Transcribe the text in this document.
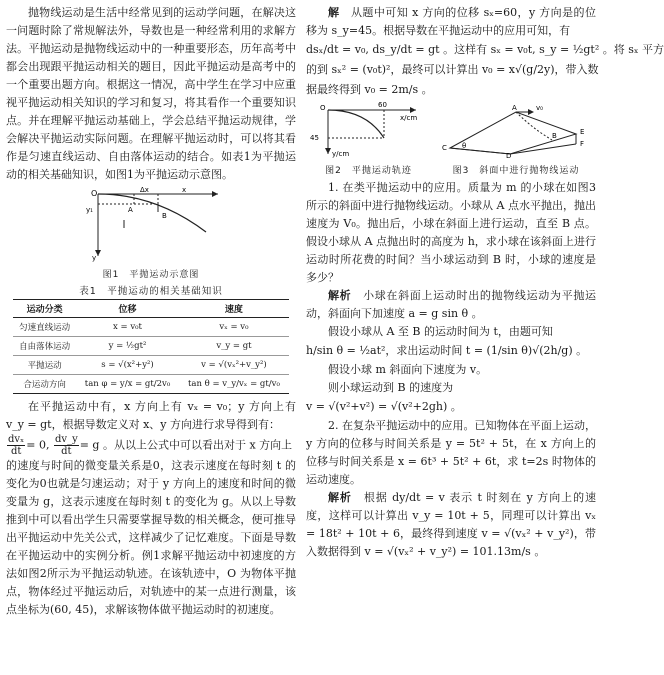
抛物线运动是生活中经常见到的运动学问题，在解决这一问题时除了常规解法外，导数也是一种经常利用的求解方法。平抛运动是抛物线运动中的一种重要形态，历年高考中都会出现跟平抛运动相关的题目，因此平抛运动是高考中的一个重要出题方向。根据这一情况，高中学生在学习中应重视平抛运动相关知识的学习和复习，将其看作一个重要知识点。并在理解平抛运动基础上，学会总结平抛运动规律，学会解决平抛运动实际问题。在理解平抛运动时，可以将其看作是匀速直线运动、自由落体运动的结合。如表1为平抛运动的相关基础知识，如图1为平抛运动示意图。

O	Δx
A
x
B
y₁
y
图1　平抛运动示意图
表1　平抛运动的相关基础知识
运动分类	位移	速度
匀速直线运动	x = v₀t	vₓ = v₀
自由落体运动	y = ½gt²	v_y = gt
平抛运动	s = √(x²+y²)	v = √(vₓ²+v_y²)
合运动方向	tan φ = y/x = gt/2v₀	tan θ = v_y/vₓ = gt/v₀

在平抛运动中有，x 方向上有 vₓ = v₀；y 方向上有 v_y = gt，根据导数定义对 x、y 方向进行求导得到有：

$\frac{\text{dvₓ}}{dt} = 0$, $\frac{dv\_y}{dt} = g$ 。从以上公式中可以看出对于 x 方向上

的速度与时间的微变量关系是0，这表示速度在每时刻 t 的变化为0也就是匀速运动；对于 y 方向上的速度和时间的微变量为 g，这表示速度在每时刻 t 的变化为 g。从以上导数推到中可以看出学生只需要掌握导数的相关概念，便可推导出平抛运动中先关公式，这样减少了记忆难度。下面是导数在平抛运动中的实例分析。例1求解平抛运动中初速度的方法如图2所示为平抛运动轨迹。在该轨迹中，O 为物体平抛点，物体经过平抛运动后，对轨迹中的某一点进行测量，该点坐标为(60, 45)，求解该物体做平抛运动时的初速度。

解　 从题中可知 x 方向的位移 sₓ=60，y 方向是的位移为 s_y=45。根据导数在平抛运动中的应用可知，有

dsₓ/dt = v₀, ds_y/dt = gt 。这样有 sₓ = v₀t, s_y = ½gt² 。将 sₓ 平方

的到 sₓ² = (v₀t)²，最终可以计算出 v₀ = x√(g/2y)，带入数

据最终得到 v₀ = 2m/s 。

O	60
x/cm
45
y/cm
图2　平抛运动轨迹
A
B
C
D
E
F
v₀
θ
图3　斜面中进行抛物线运动

1. 在类平抛运动中的应用。质量为 m 的小球在如图3所示的斜面中进行抛物线运动。小球从 A 点水平抛出，抛出速度为 V₀。抛出后，小球在斜面上进行运动，直至 B 点。假设小球从 A 点抛出时的高度为 h，求小球在该斜面上进行运动时所花费的时间？当小球运动到 B 时，小球的速度是多少？

解析　 小球在斜面上运动时出的抛物线运动为平抛运动，斜面向下加速度 a = g sin θ 。

假设小球从 A 至 B 的运动时间为 t，由题可知

h/sin θ = ½at²，求出运动时间 t = (1/sin θ)√(2h/g) 。

假设小球 m 斜面向下速度为 v。

则小球运动到 B 的速度为

v = √(v²+v²) = √(v²+2gh) 。

2. 在复杂平抛运动中的应用。已知物体在平面上运动，y 方向的位移与时间关系是 y = 5t² + 5t，在 x 方向上的位移与时间关系是 x = 6t³ + 5t² + 6t，求 t=2s 时物体的运动速度。

解析　 根据 dy/dt = v 表示 t 时刻在 y 方向上的速度，这样可以计算出 v_y = 10t + 5，同理可以计算出 vₓ = 18t² + 10t + 6，最终得到速度 v = √(vₓ² + v_y²)，带入数据得到 v = √(vₓ² + v_y²) = 101.13m/s 。
